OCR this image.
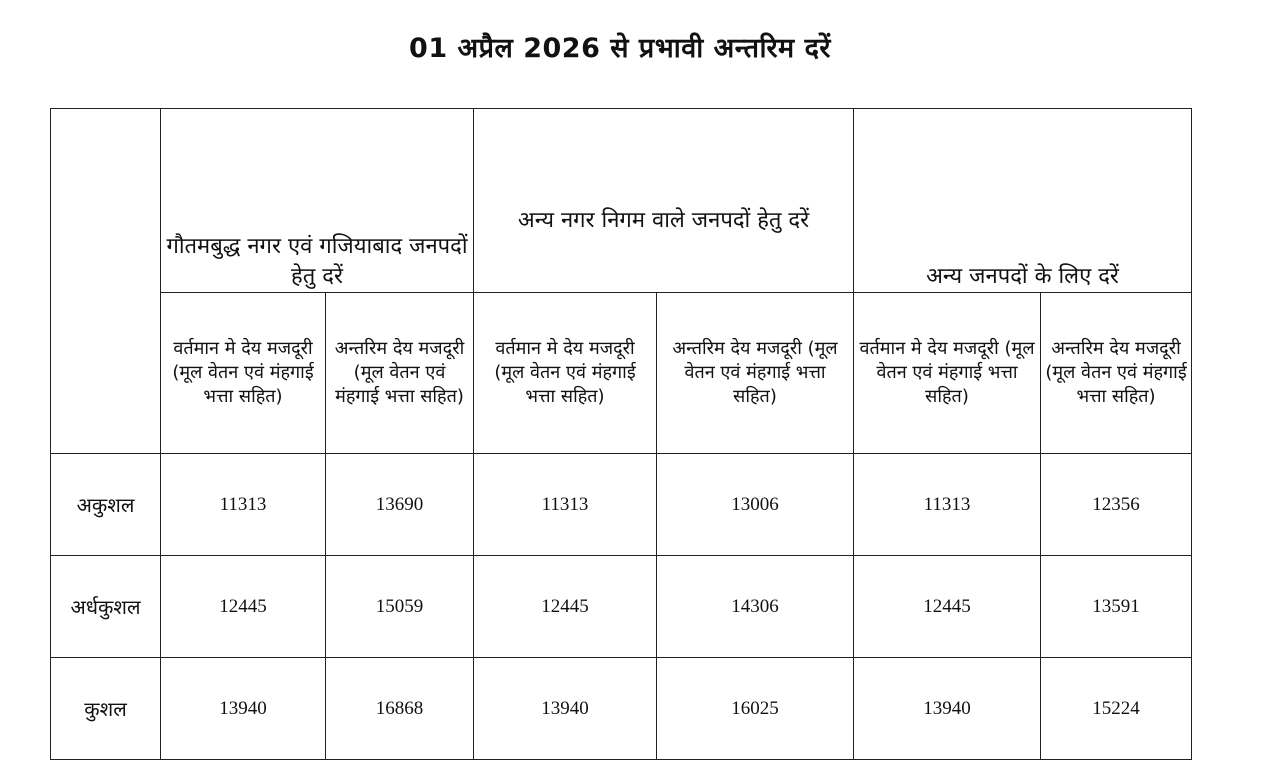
01 अप्रैल 2026 से प्रभावी अन्तरिम दरें
	गौतमबुद्ध नगर एवं गजियाबाद जनपदों हेतु दरें		अन्य नगर निगम वाले जनपदों हेतु दरें		अन्य जनपदों के लिए दरें	
	वर्तमान मे देय मजदूरी (मूल वेतन एवं मंहगाई भत्ता सहित)	अन्तरिम देय मजदूरी (मूल वेतन एवं मंहगाई भत्ता सहित)	वर्तमान मे देय मजदूरी (मूल वेतन एवं मंहगाई भत्ता सहित)	अन्तरिम देय मजदूरी (मूल वेतन एवं मंहगाई भत्ता सहित)	वर्तमान मे देय मजदूरी (मूल वेतन एवं मंहगाई भत्ता सहित)	अन्तरिम देय मजदूरी (मूल वेतन एवं मंहगाई भत्ता सहित)
अकुशल	11313	13690	11313	13006	11313	12356
अर्धकुशल	12445	15059	12445	14306	12445	13591
कुशल	13940	16868	13940	16025	13940	15224
